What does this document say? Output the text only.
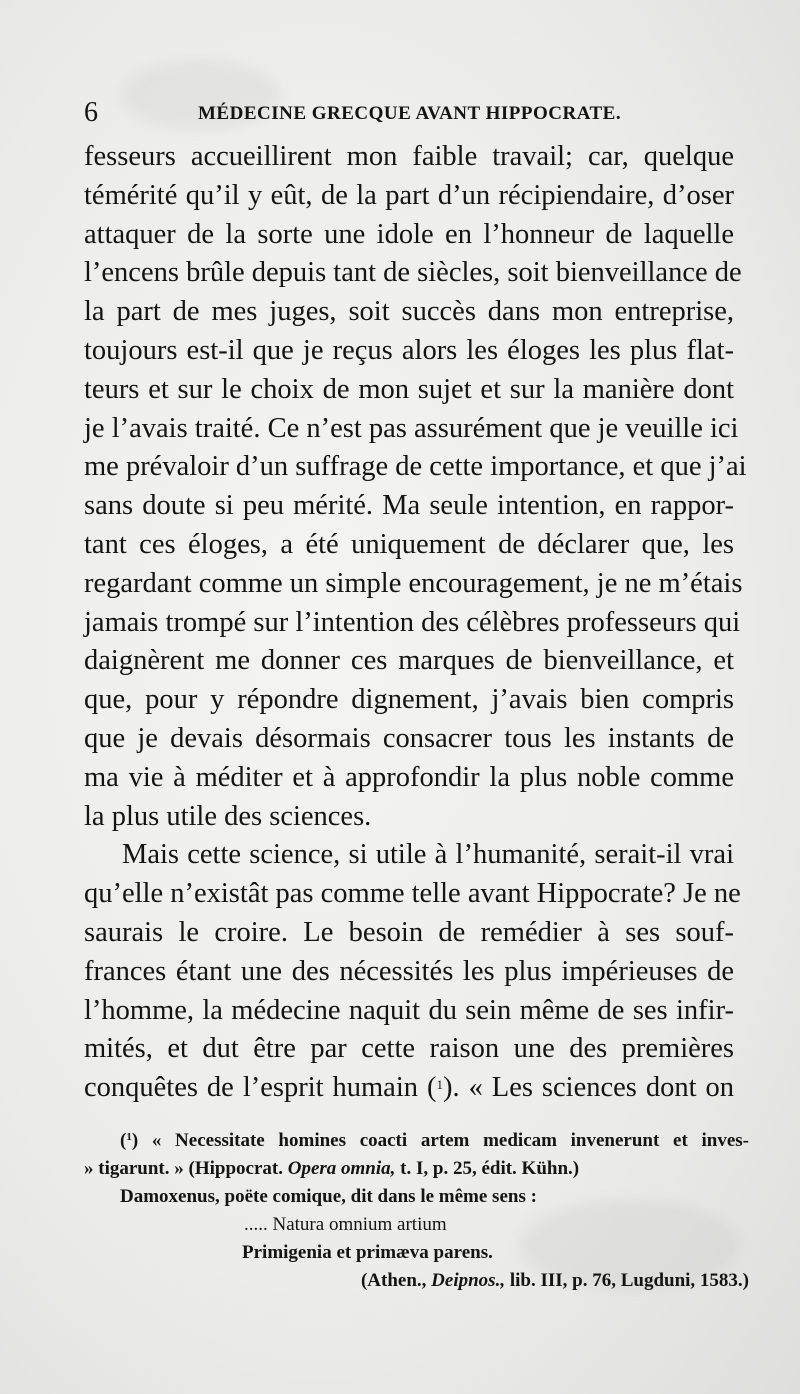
6	MÉDECINE GRECQUE AVANT HIPPOCRATE.
fesseurs accueillirent mon faible travail; car, quelque
témérité qu’il y eût, de la part d’un récipiendaire, d’oser
attaquer de la sorte une idole en l’honneur de laquelle
l’encens brûle depuis tant de siècles, soit bienveillance de
la part de mes juges, soit succès dans mon entreprise,
toujours est-il que je reçus alors les éloges les plus flat-
teurs et sur le choix de mon sujet et sur la manière dont
je l’avais traité. Ce n’est pas assurément que je veuille ici
me prévaloir d’un suffrage de cette importance, et que j’ai
sans doute si peu mérité. Ma seule intention, en rappor-
tant ces éloges, a été uniquement de déclarer que, les
regardant comme un simple encouragement, je ne m’étais
jamais trompé sur l’intention des célèbres professeurs qui
daignèrent me donner ces marques de bienveillance, et
que, pour y répondre dignement, j’avais bien compris
que je devais désormais consacrer tous les instants de
ma vie à méditer et à approfondir la plus noble comme
la plus utile des sciences.
Mais cette science, si utile à l’humanité, serait-il vrai
qu’elle n’existât pas comme telle avant Hippocrate? Je ne
saurais le croire. Le besoin de remédier à ses souf-
frances étant une des nécessités les plus impérieuses de
l’homme, la médecine naquit du sein même de ses infir-
mités, et dut être par cette raison une des premières
conquêtes de l’esprit humain ($^1$). « Les sciences dont on
($^1$) « Necessitate homines coacti artem medicam invenerunt et inves-
» tigarunt. » (Hippocrat. Opera omnia, t. I, p. 25, édit. Kühn.)
Damoxenus, poëte comique, dit dans le même sens :
..... Natura omnium artium
Primigenia et primæva parens.
(Athen., Deipnos., lib. III, p. 76, Lugduni, 1583.)
